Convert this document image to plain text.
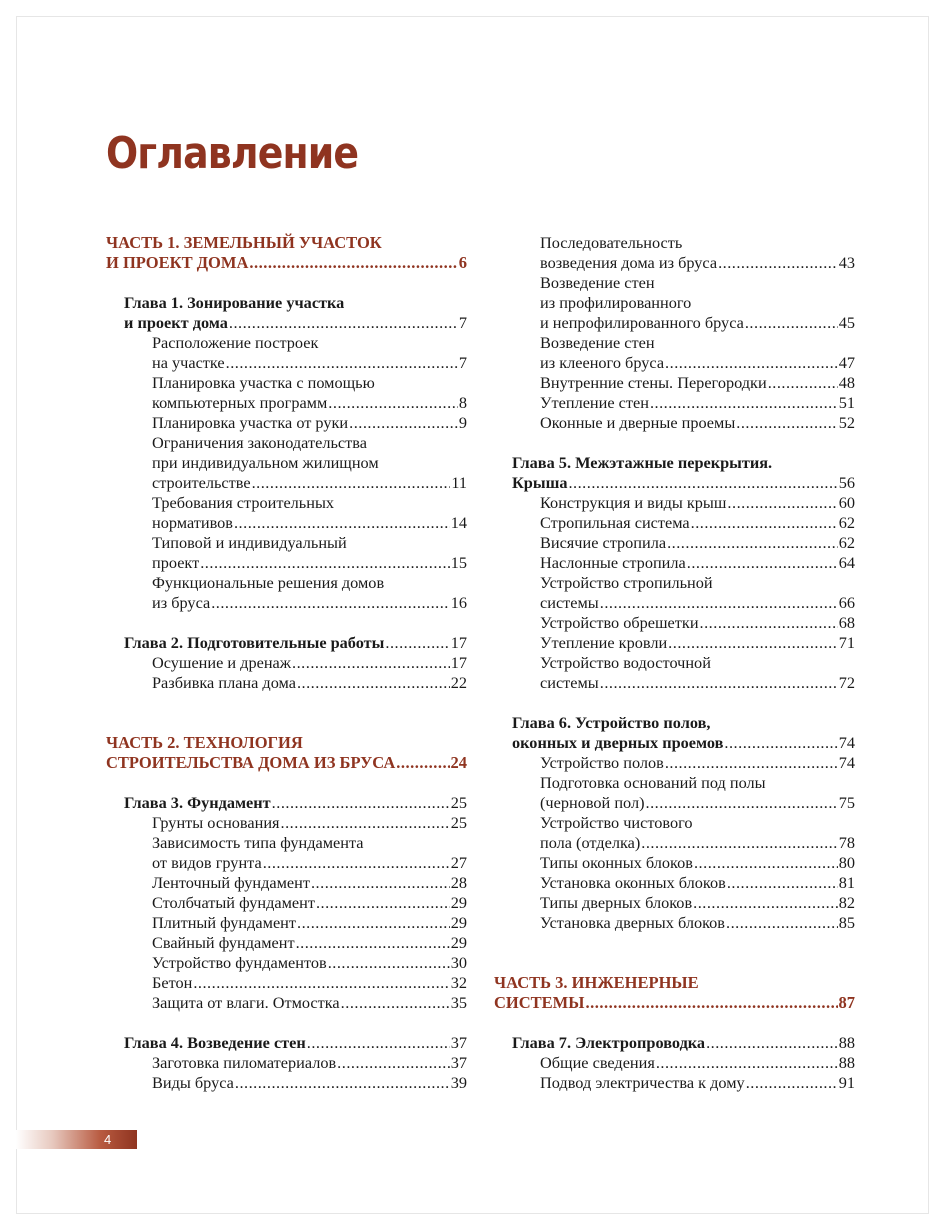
Оглавление
ЧАСТЬ 1. ЗЕМЕЛЬНЫЙ УЧАСТОК
И ПРОЕКТ ДОМА .....	6
Глава 1. Зонирование участка
и проект дома .....	7
Расположение построек
на участке .....	7
Планировка участка с помощью
компьютерных программ .....	8
Планировка участка от руки .....	9
Ограничения законодательства
при индивидуальном жилищном
строительстве .....	11
Требования строительных
нормативов .....	14
Типовой и индивидуальный
проект .....	15
Функциональные решения домов
из бруса .....	16
Глава 2. Подготовительные работы .....	17
Осушение и дренаж .....	17
Разбивка плана дома .....	22
ЧАСТЬ 2. ТЕХНОЛОГИЯ
СТРОИТЕЛЬСТВА ДОМА ИЗ БРУСА .....	24
Глава 3. Фундамент .....	25
Грунты основания .....	25
Зависимость типа фундамента
от видов грунта .....	27
Ленточный фундамент .....	28
Столбчатый фундамент .....	29
Плитный фундамент .....	29
Свайный фундамент .....	29
Устройство фундаментов .....	30
Бетон .....	32
Защита от влаги. Отмостка .....	35
Глава 4. Возведение стен .....	37
Заготовка пиломатериалов .....	37
Виды бруса .....	39
Последовательность
возведения дома из бруса .....	43
Возведение стен
из профилированного
и непрофилированного бруса .....	45
Возведение стен
из клееного бруса .....	47
Внутренние стены. Перегородки .....	48
Утепление стен .....	51
Оконные и дверные проемы .....	52
Глава 5. Межэтажные перекрытия.
Крыша .....	56
Конструкция и виды крыш .....	60
Стропильная система .....	62
Висячие стропила .....	62
Наслонные стропила .....	64
Устройство стропильной
системы .....	66
Устройство обрешетки .....	68
Утепление кровли .....	71
Устройство водосточной
системы .....	72
Глава 6. Устройство полов,
оконных и дверных проемов .....	74
Устройство полов .....	74
Подготовка оснований под полы
(черновой пол) .....	75
Устройство чистового
пола (отделка) .....	78
Типы оконных блоков .....	80
Установка оконных блоков .....	81
Типы дверных блоков .....	82
Установка дверных блоков .....	85
ЧАСТЬ 3. ИНЖЕНЕРНЫЕ
СИСТЕМЫ .....	87
Глава 7. Электропроводка .....	88
Общие сведения .....	88
Подвод электричества к дому .....	91
4
